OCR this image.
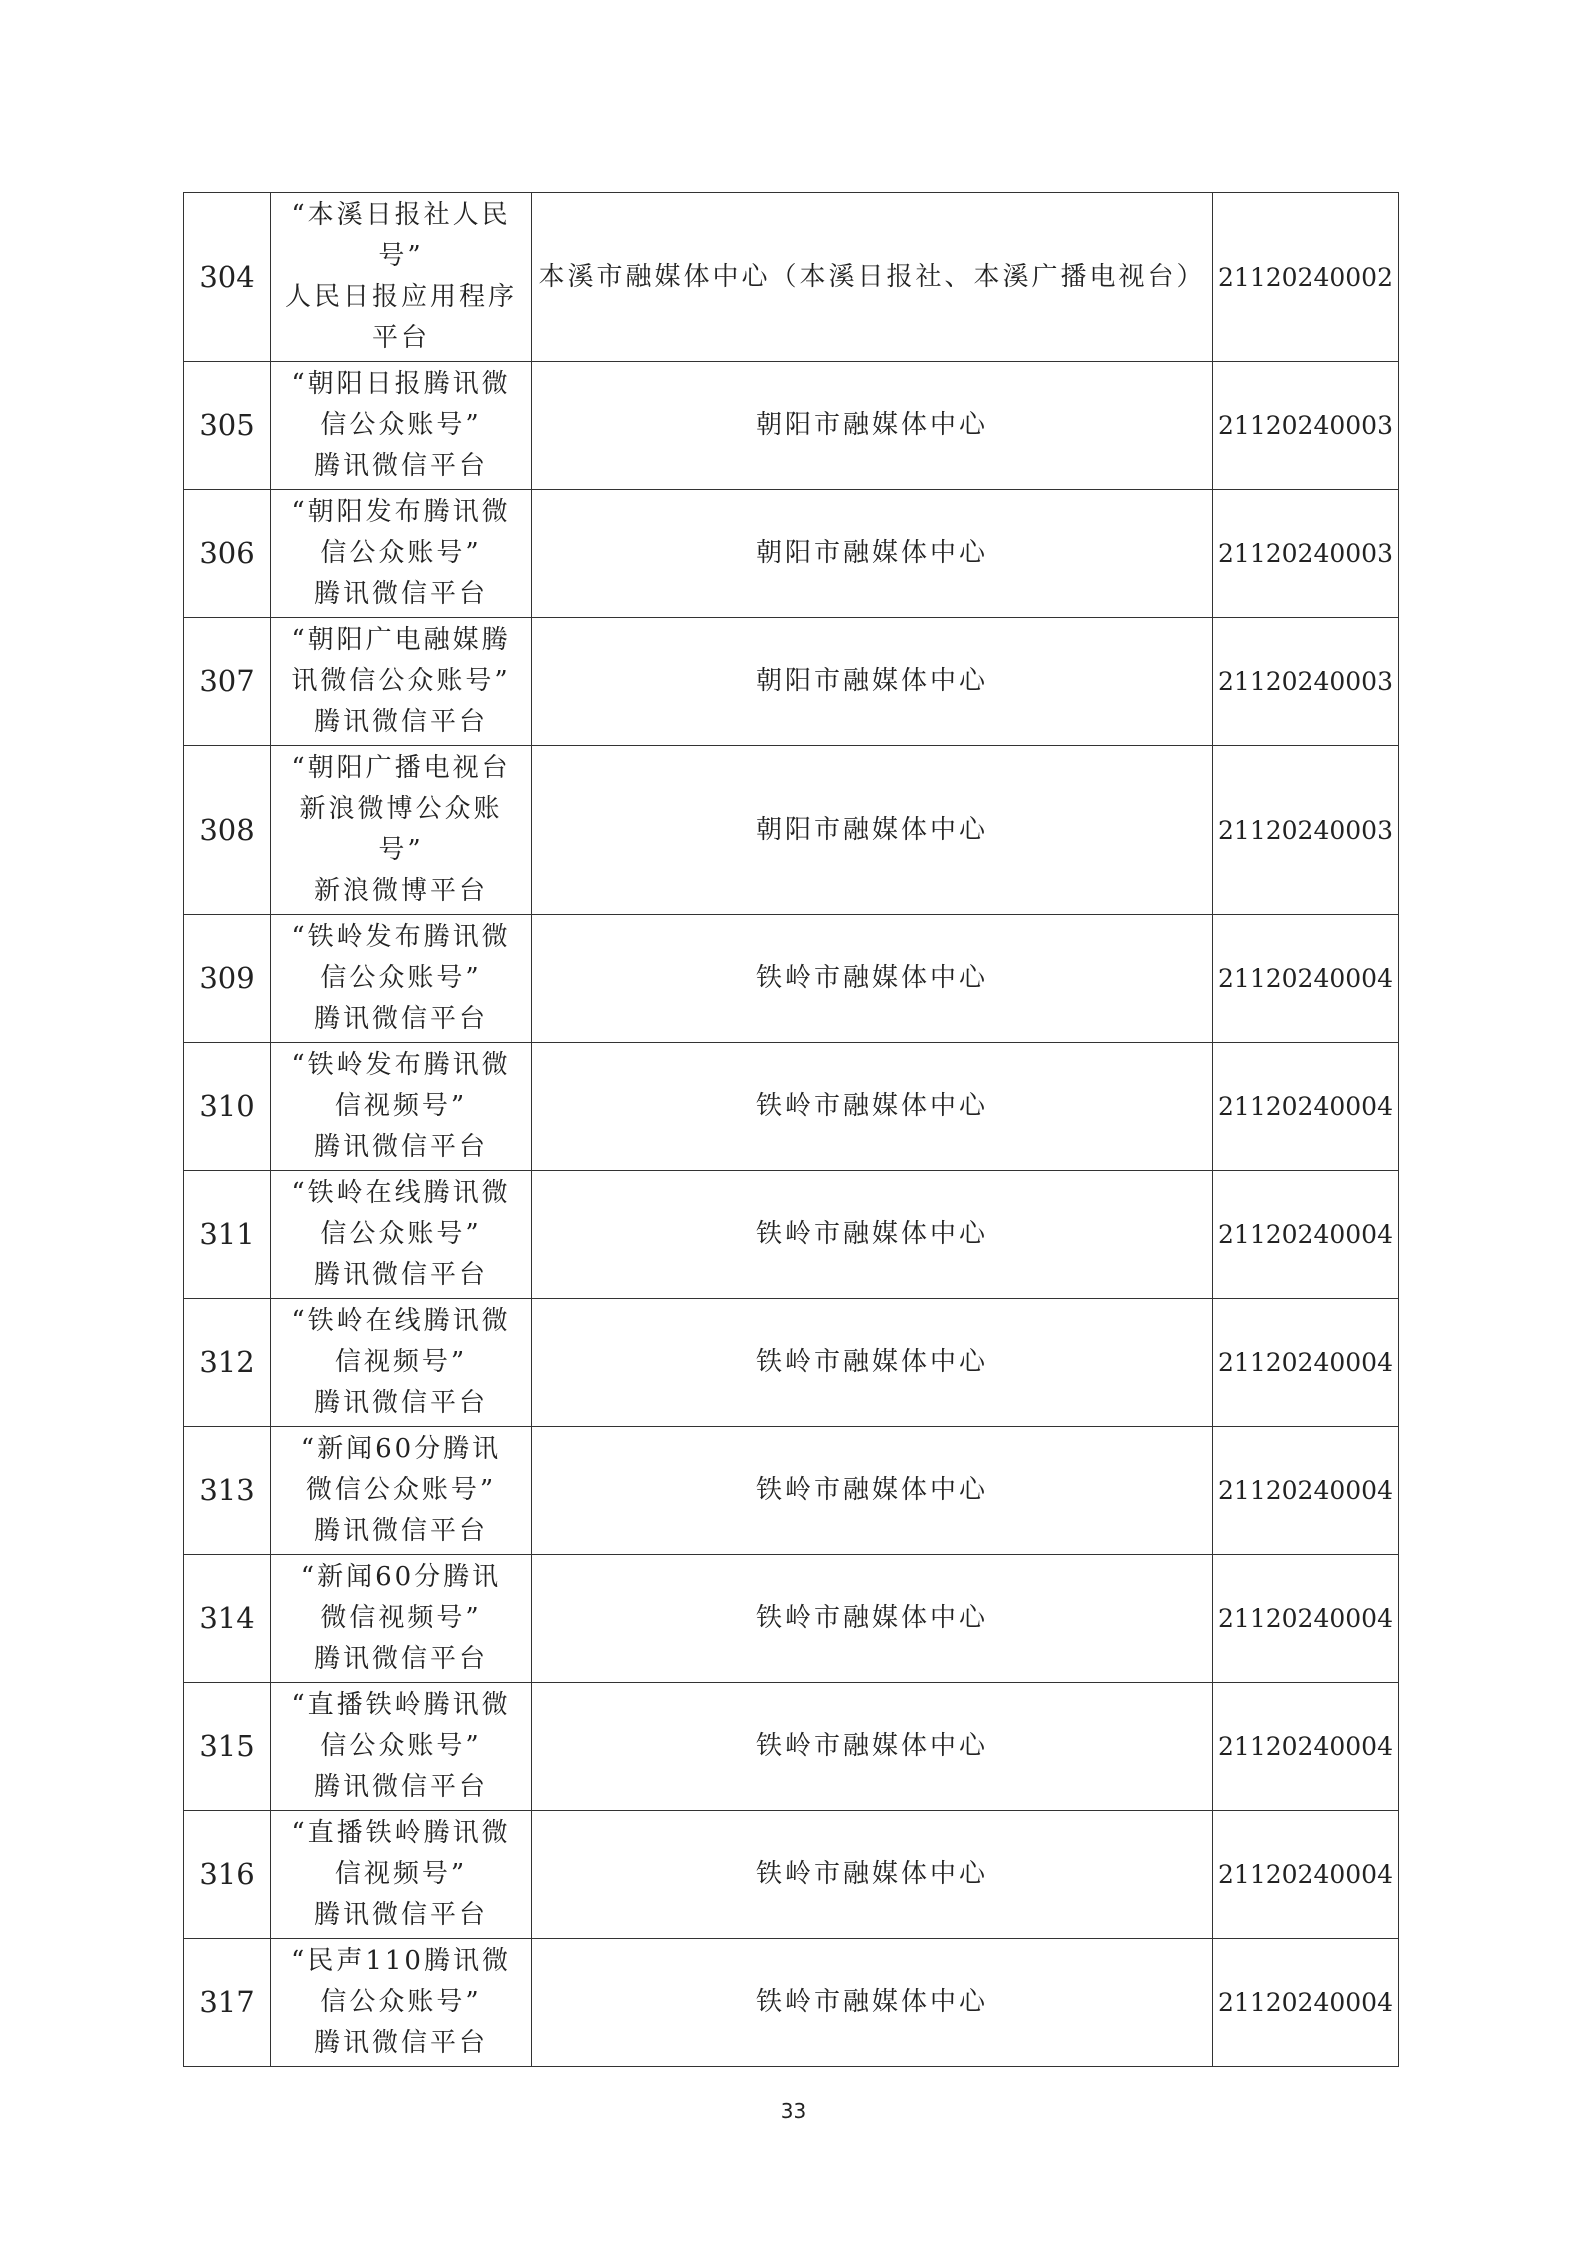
304	“本溪日报社人民
号”
人民日报应用程序
平台	本溪市融媒体中心（本溪日报社、本溪广播电视台）	21120240002
305	“朝阳日报腾讯微
信公众账号”
腾讯微信平台	朝阳市融媒体中心	21120240003
306	“朝阳发布腾讯微
信公众账号”
腾讯微信平台	朝阳市融媒体中心	21120240003
307	“朝阳广电融媒腾
讯微信公众账号”
腾讯微信平台	朝阳市融媒体中心	21120240003
308	“朝阳广播电视台
新浪微博公众账
号”
新浪微博平台	朝阳市融媒体中心	21120240003
309	“铁岭发布腾讯微
信公众账号”
腾讯微信平台	铁岭市融媒体中心	21120240004
310	“铁岭发布腾讯微
信视频号”
腾讯微信平台	铁岭市融媒体中心	21120240004
311	“铁岭在线腾讯微
信公众账号”
腾讯微信平台	铁岭市融媒体中心	21120240004
312	“铁岭在线腾讯微
信视频号”
腾讯微信平台	铁岭市融媒体中心	21120240004
313	“新闻60分腾讯
微信公众账号”
腾讯微信平台	铁岭市融媒体中心	21120240004
314	“新闻60分腾讯
微信视频号”
腾讯微信平台	铁岭市融媒体中心	21120240004
315	“直播铁岭腾讯微
信公众账号”
腾讯微信平台	铁岭市融媒体中心	21120240004
316	“直播铁岭腾讯微
信视频号”
腾讯微信平台	铁岭市融媒体中心	21120240004
317	“民声110腾讯微
信公众账号”
腾讯微信平台	铁岭市融媒体中心	21120240004
33
